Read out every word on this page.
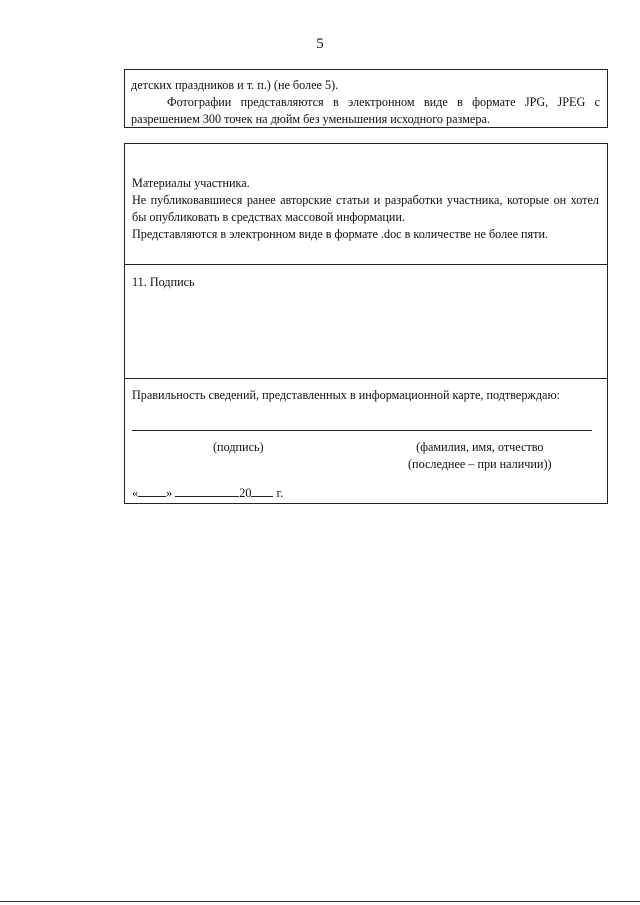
5

детских праздников и т. п.) (не более 5).

Фотографии представляются в электронном виде в формате JPG, JPEG с разрешением 300 точек на дюйм без уменьшения исходного размера.

Материалы участника.

Не публиковавшиеся ранее авторские статьи и разработки участника, которые он хотел бы опубликовать в средствах массовой информации.

Представляются в электронном виде в формате .doc в количестве не более пяти.

11. Подпись
Правильность сведений, представленных в информационной карте, подтверждаю:
(подпись)	(фамилия, имя, отчество
(последнее – при наличии))
« »	20 г.
